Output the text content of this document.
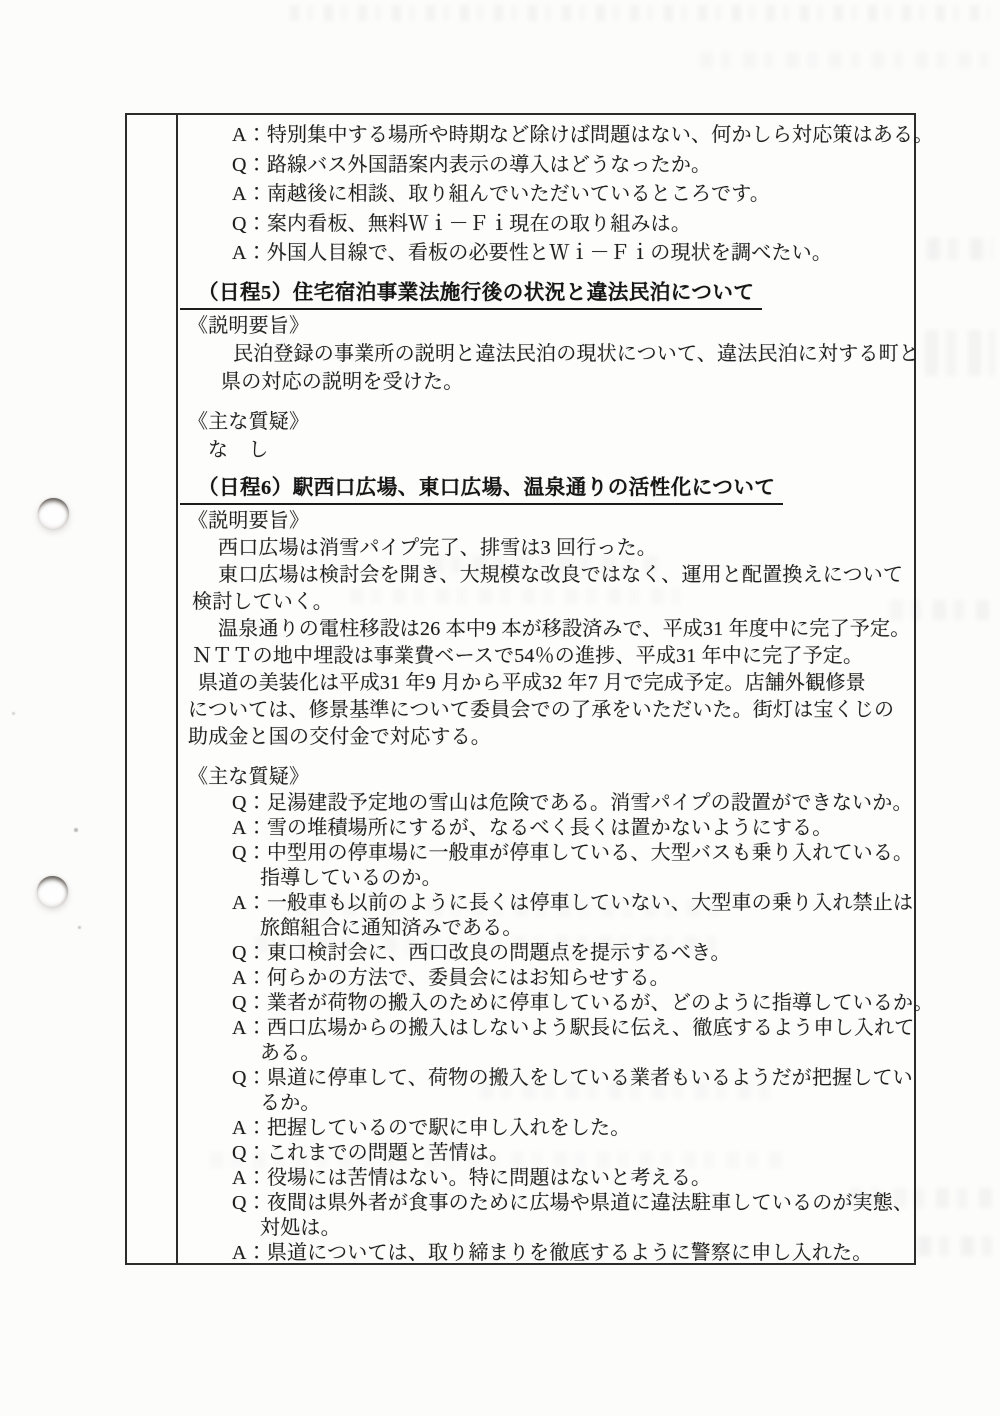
A：特別集中する場所や時期など除けば問題はない、何かしら対応策はある。
Q：路線バス外国語案内表示の導入はどうなったか。
A：南越後に相談、取り組んでいただいているところです。
Q：案内看板、無料Ｗｉ－Ｆｉ現在の取り組みは。
A：外国人目線で、看板の必要性とＷｉ－Ｆｉの現状を調べたい。
（日程5）住宅宿泊事業法施行後の状況と違法民泊について
《説明要旨》
民泊登録の事業所の説明と違法民泊の現状について、違法民泊に対する町と
県の対応の説明を受けた。
《主な質疑》
な　し
（日程6）駅西口広場、東口広場、温泉通りの活性化について
《説明要旨》
西口広場は消雪パイプ完了、排雪は3 回行った。
東口広場は検討会を開き、大規模な改良ではなく、運用と配置換えについて
検討していく。
温泉通りの電柱移設は26 本中9 本が移設済みで、平成31 年度中に完了予定。
ＮＴＴの地中埋設は事業費ベースで54％の進捗、平成31 年中に完了予定。
県道の美装化は平成31 年9 月から平成32 年7 月で完成予定。店舗外観修景
については、修景基準について委員会での了承をいただいた。街灯は宝くじの
助成金と国の交付金で対応する。
《主な質疑》
Q：足湯建設予定地の雪山は危険である。消雪パイプの設置ができないか。
A：雪の堆積場所にするが、なるべく長くは置かないようにする。
Q：中型用の停車場に一般車が停車している、大型バスも乗り入れている。
指導しているのか。
A：一般車も以前のように長くは停車していない、大型車の乗り入れ禁止は
旅館組合に通知済みである。
Q：東口検討会に、西口改良の問題点を提示するべき。
A：何らかの方法で、委員会にはお知らせする。
Q：業者が荷物の搬入のために停車しているが、どのように指導しているか。
A：西口広場からの搬入はしないよう駅長に伝え、徹底するよう申し入れて
ある。
Q：県道に停車して、荷物の搬入をしている業者もいるようだが把握してい
るか。
A：把握しているので駅に申し入れをした。
Q：これまでの問題と苦情は。
A：役場には苦情はない。特に問題はないと考える。
Q：夜間は県外者が食事のために広場や県道に違法駐車しているのが実態、
対処は。
A：県道については、取り締まりを徹底するように警察に申し入れた。
